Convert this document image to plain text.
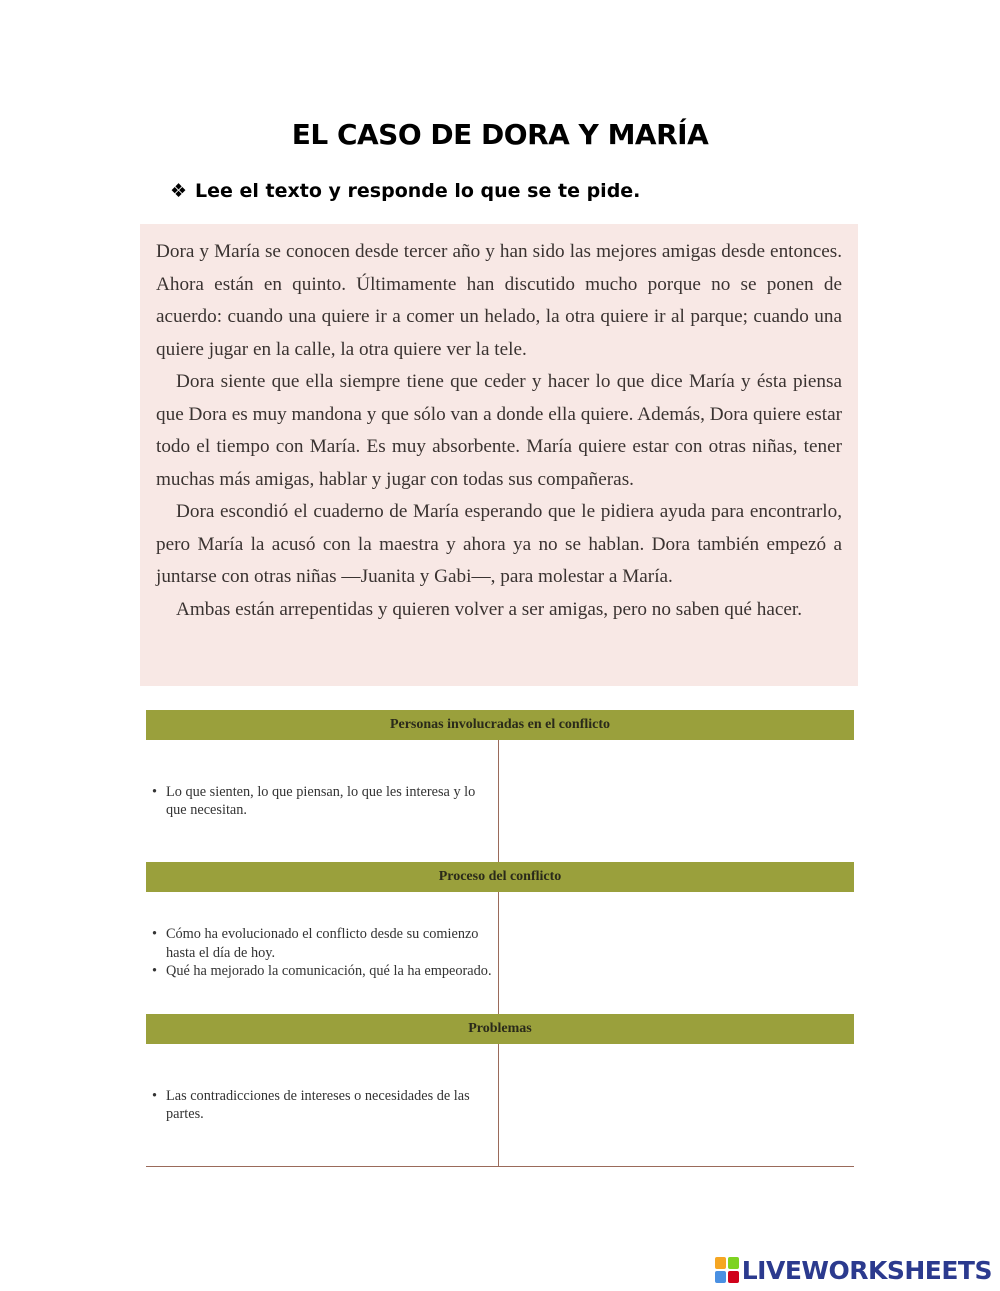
EL CASO DE DORA Y MARÍA
❖ Lee el texto y responde lo que se te pide.

Dora y María se conocen desde tercer año y han sido las mejores amigas desde entonces. Ahora están en quinto. Últimamente han discutido mucho porque no se ponen de acuerdo: cuando una quiere ir a comer un helado, la otra quiere ir al parque; cuando una quiere jugar en la calle, la otra quiere ver la tele.

Dora siente que ella siempre tiene que ceder y hacer lo que dice María y ésta piensa que Dora es muy mandona y que sólo van a donde ella quiere. Además, Dora quiere estar todo el tiempo con María. Es muy absorbente. María quiere estar con otras niñas, tener muchas más amigas, hablar y jugar con todas sus compañeras.

Dora escondió el cuaderno de María esperando que le pidiera ayuda para encontrarlo, pero María la acusó con la maestra y ahora ya no se hablan. Dora también empezó a juntarse con otras niñas —Juanita y Gabi—, para molestar a María.

Ambas están arrepentidas y quieren volver a ser amigas, pero no saben qué hacer.

Personas involucradas en el conflicto
• Lo que sienten, lo que piensan, lo que les interesa y lo que necesitan.
Proceso del conflicto
• Cómo ha evolucionado el conflicto desde su comienzo hasta el día de hoy.
• Qué ha mejorado la comunicación, qué la ha empeorado.
Problemas
• Las contradicciones de intereses o necesidades de las partes.
LIVEWORKSHEETS
